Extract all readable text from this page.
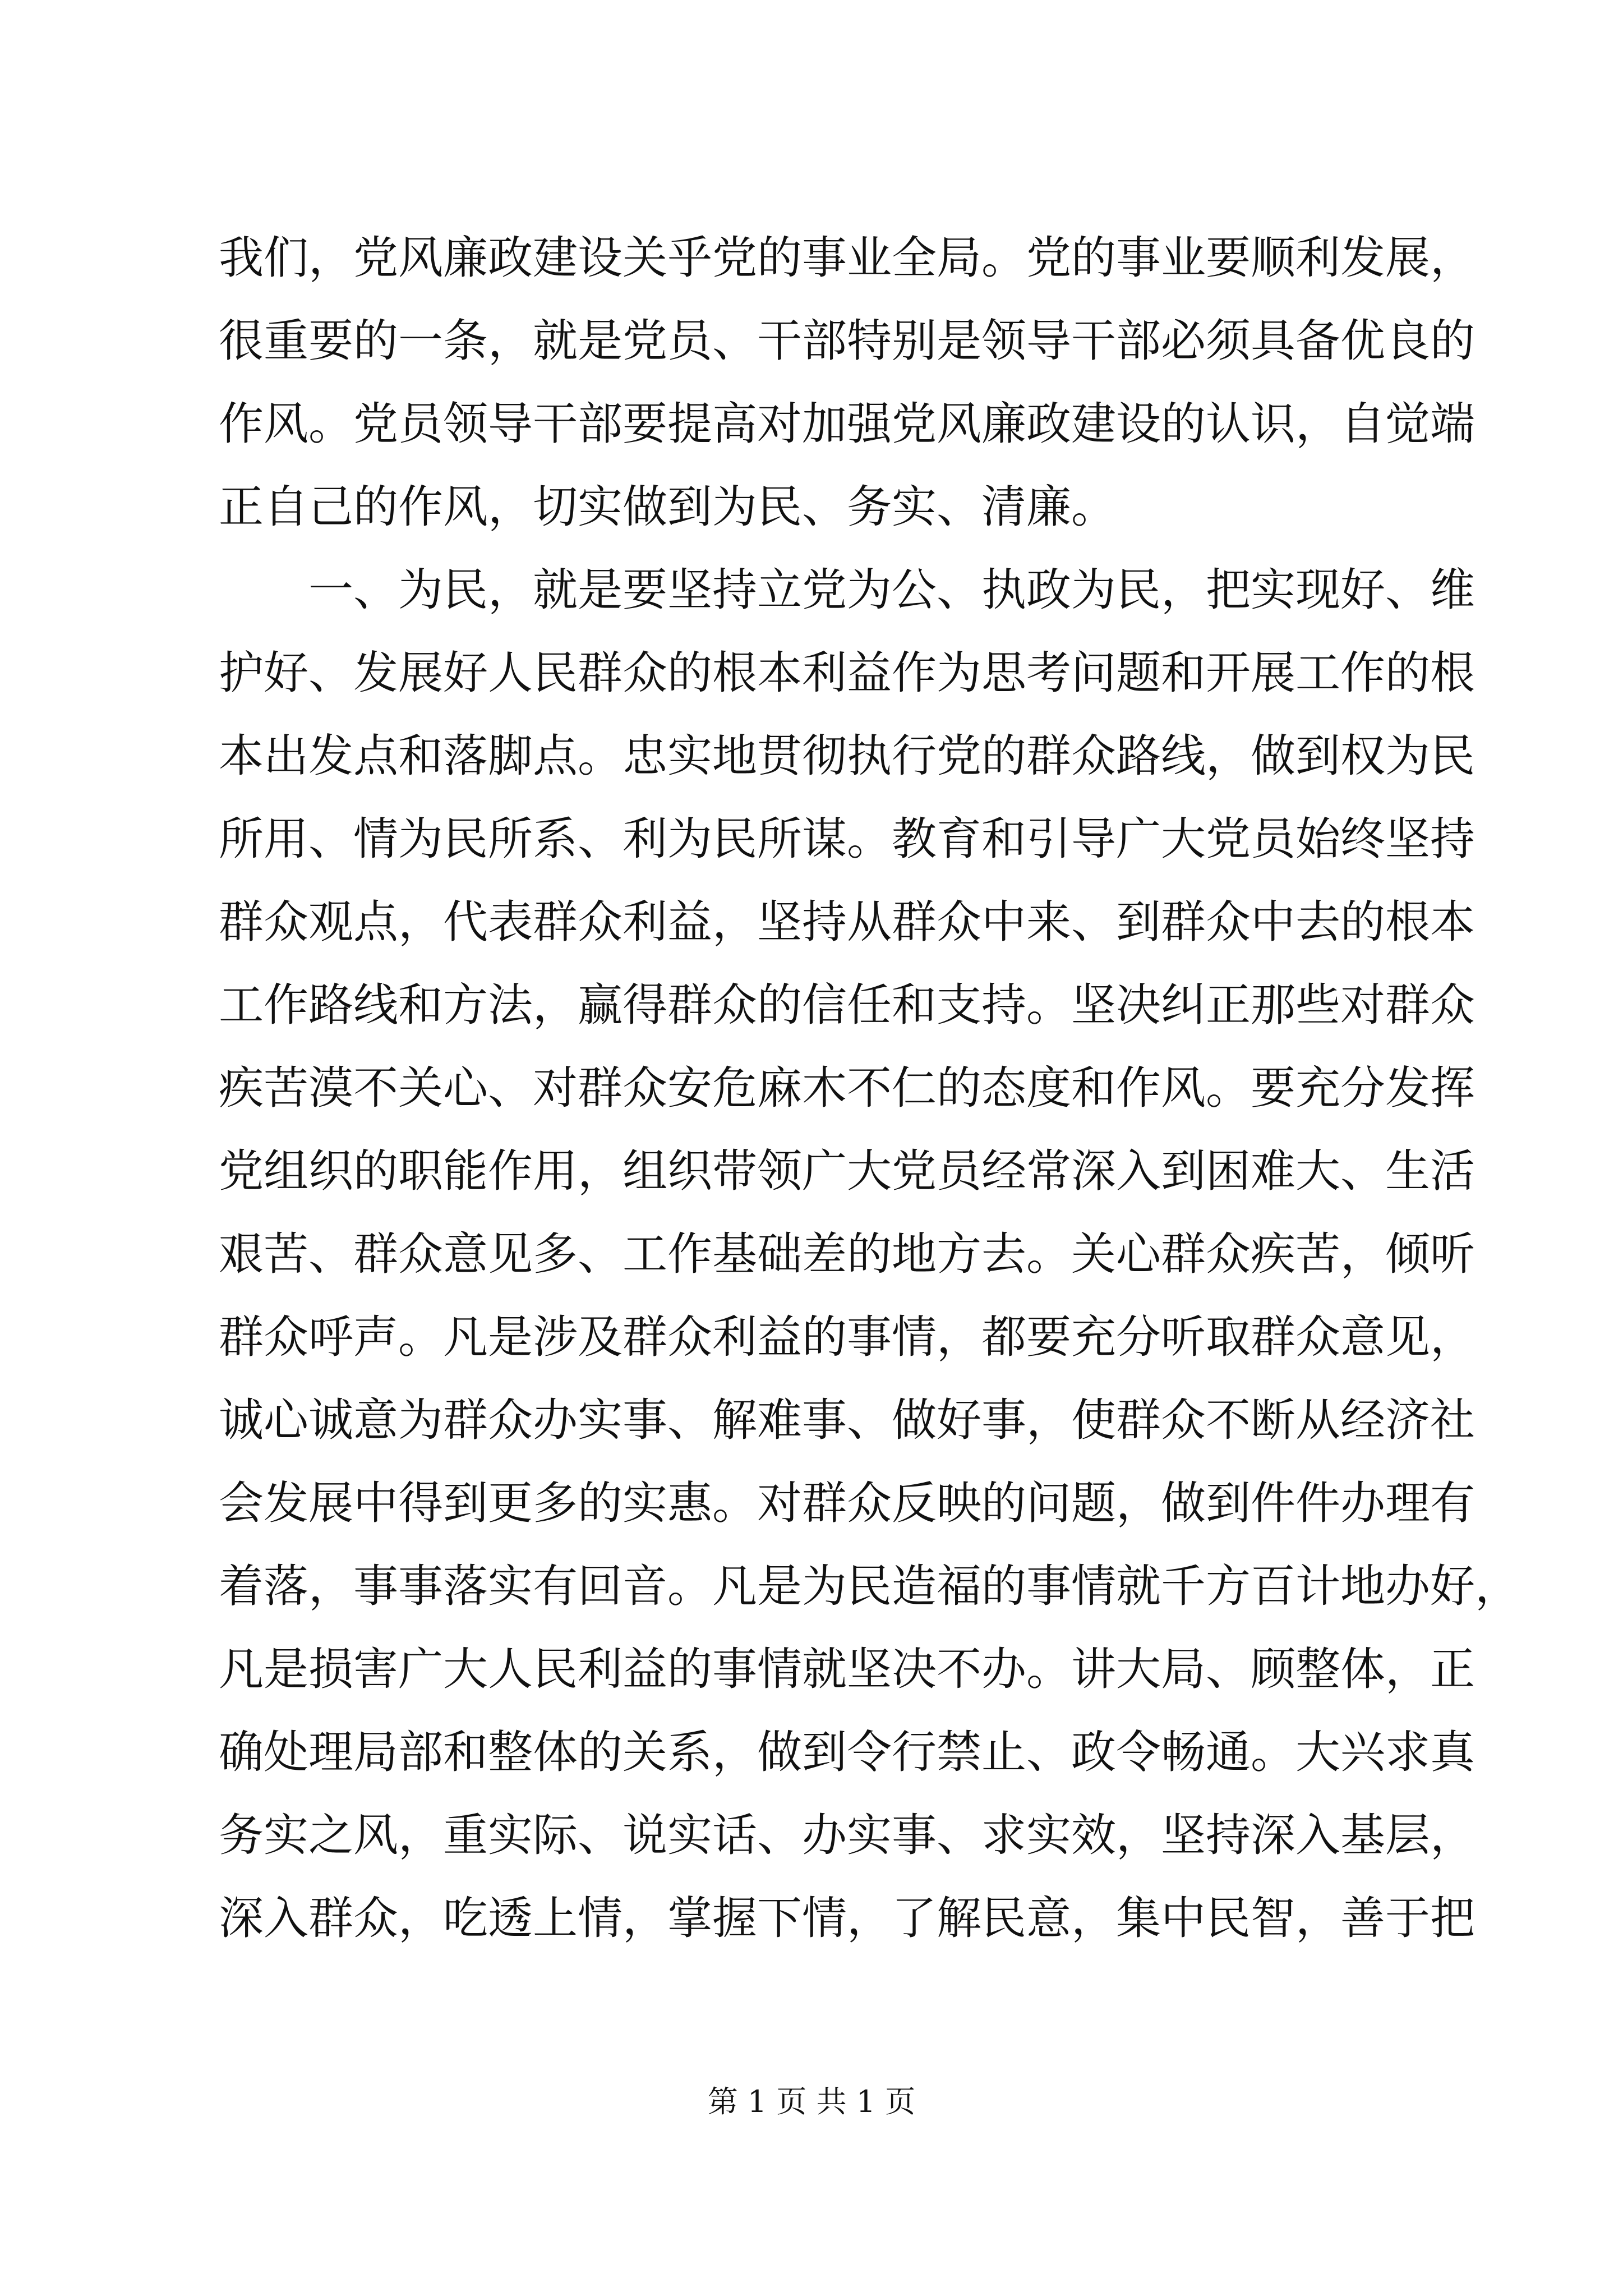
我们，党风廉政建设关乎党的事业全局。党的事业要顺利发展，

很重要的一条，就是党员、干部特别是领导干部必须具备优良的

作风。党员领导干部要提高对加强党风廉政建设的认识，自觉端

正自己的作风，切实做到为民、务实、清廉。

一、为民，就是要坚持立党为公、执政为民，把实现好、维

护好、发展好人民群众的根本利益作为思考问题和开展工作的根

本出发点和落脚点。忠实地贯彻执行党的群众路线，做到权为民

所用、情为民所系、利为民所谋。教育和引导广大党员始终坚持

群众观点，代表群众利益，坚持从群众中来、到群众中去的根本

工作路线和方法，赢得群众的信任和支持。坚决纠正那些对群众

疾苦漠不关心、对群众安危麻木不仁的态度和作风。要充分发挥

党组织的职能作用，组织带领广大党员经常深入到困难大、生活

艰苦、群众意见多、工作基础差的地方去。关心群众疾苦，倾听

群众呼声。凡是涉及群众利益的事情，都要充分听取群众意见，

诚心诚意为群众办实事、解难事、做好事，使群众不断从经济社

会发展中得到更多的实惠。对群众反映的问题，做到件件办理有

着落，事事落实有回音。凡是为民造福的事情就千方百计地办好，

凡是损害广大人民利益的事情就坚决不办。讲大局、顾整体，正

确处理局部和整体的关系，做到令行禁止、政令畅通。大兴求真

务实之风，重实际、说实话、办实事、求实效，坚持深入基层，

深入群众，吃透上情，掌握下情，了解民意，集中民智，善于把

第 1 页 共 1 页
